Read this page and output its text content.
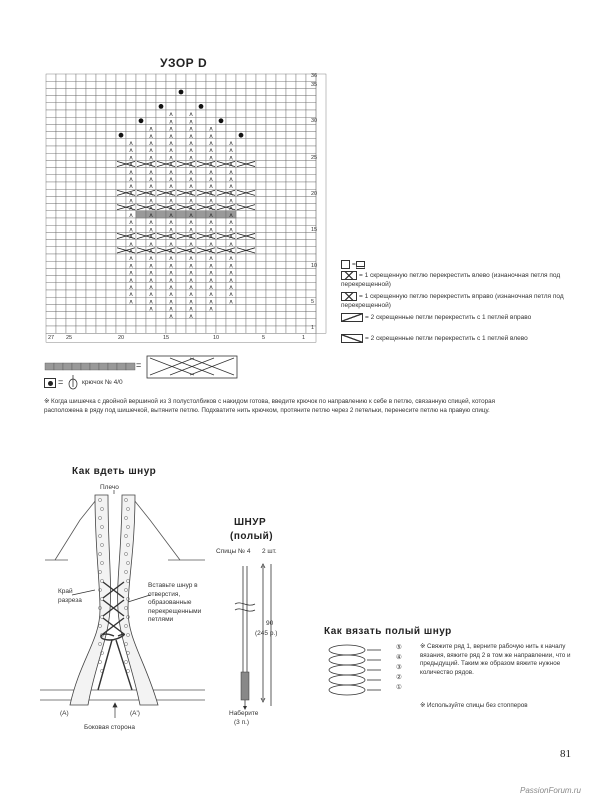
УЗОР D
ᴧ	ᴧ
ᴧ	ᴧ	ᴧ	ᴧ
ᴧ	ᴧ	ᴧ	ᴧ	ᴧ	ᴧ
ᴧ	ᴧ	ᴧ	ᴧ	ᴧ	ᴧ
ᴧ	ᴧ	ᴧ	ᴧ	ᴧ	ᴧ
ᴧ	ᴧ	ᴧ	ᴧ	ᴧ	ᴧ
ᴧ	ᴧ	ᴧ	ᴧ	ᴧ	ᴧ
ᴧ	ᴧ	ᴧ	ᴧ	ᴧ	ᴧ
ᴧ	ᴧ	ᴧ	ᴧ	ᴧ	ᴧ
ᴧ	ᴧ	ᴧ	ᴧ	ᴧ	ᴧ
ᴧ	ᴧ	ᴧ	ᴧ	ᴧ	ᴧ
ᴧ	ᴧ	ᴧ	ᴧ	ᴧ	ᴧ
ᴧ	ᴧ	ᴧ	ᴧ	ᴧ	ᴧ
ᴧ	ᴧ	ᴧ	ᴧ	ᴧ	ᴧ
ᴧ	ᴧ	ᴧ	ᴧ	ᴧ	ᴧ
ᴧ	ᴧ	ᴧ	ᴧ	ᴧ	ᴧ
ᴧ	ᴧ	ᴧ	ᴧ	ᴧ	ᴧ
ᴧ	ᴧ	ᴧ	ᴧ	ᴧ	ᴧ
ᴧ	ᴧ	ᴧ	ᴧ	ᴧ	ᴧ
ᴧ	ᴧ	ᴧ	ᴧ	ᴧ	ᴧ
ᴧ	ᴧ	ᴧ	ᴧ	ᴧ	ᴧ
ᴧ	ᴧ	ᴧ	ᴧ	ᴧ	ᴧ
ᴧ	ᴧ	ᴧ	ᴧ	ᴧ	ᴧ
ᴧ	ᴧ	ᴧ	ᴧ	ᴧ	ᴧ
ᴧ	ᴧ	ᴧ	ᴧ	ᴧ	ᴧ
ᴧ	ᴧ	ᴧ	ᴧ
ᴧ	ᴧ	ᴧ	ᴧ
ᴧ	ᴧ
ᴧ	ᴧ
36
35
30
25
20
15
10
5
1
27 25	20	15	10	5	1
=
= 1 скрещенную петлю перекрестить влево (изнаночная петля под перекрещенной)
= 1 скрещенную петлю перекрестить вправо (изнаночная петля под перекрещенной)
= 2 скрещенные петли перекрестить с 1 петлей вправо
= 2 скрещенные петли перекрестить с 1 петлей влево
=
=	крючок № 4/0
※ Когда шишечка с двойной вершиной из 3 полустолбиков с накидом готова, введите крючок по направлению к себе в петлю, связанную спицей, которая расположена в ряду под шишечкой, вытяните петлю. Подхватите нить крючком, протяните петлю через 2 петельки, перенесите петлю на правую спицу.
Как вдеть шнур
Плечо
Край разреза
Вставьте шнур в отверстия, образованные перекрещенными петлями
(A)	(A')
Боковая сторона
ШНУР
(полый)
Спицы № 4 2 шт.
90
(245 р.)
Наберите
(3 п.)
Как вязать полый шнур
⑤
④
③
②
①
※ Свяжите ряд 1, верните рабочую нить к началу вязания, вяжите ряд 2 в том же направлении, что и предыдущий. Таким же образом вяжите нужное количество рядов.
※ Используйте спицы без стопперов
81
PassionForum.ru
